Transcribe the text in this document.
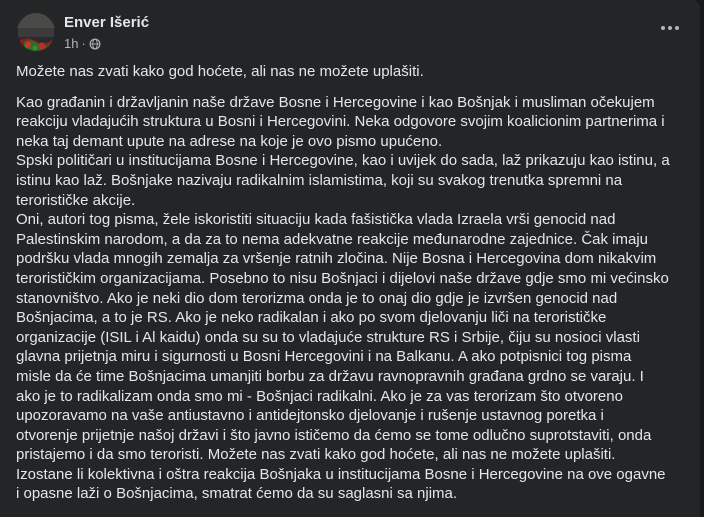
Enver Išerić
1h ·

Možete nas zvati kako god hoćete, ali nas ne možete uplašiti.

Kao građanin i državljanin naše države Bosne i Hercegovine i kao Bošnjak i musliman očekujem
reakciju vladajućih struktura u Bosni i Hercegovini. Neka odgovore svojim koalicionim partnerima i
neka taj demant upute na adrese na koje je ovo pismo upućeno.
Spski političari u institucijama Bosne i Hercegovine, kao i uvijek do sada, laž prikazuju kao istinu, a
istinu kao laž. Bošnjake nazivaju radikalnim islamistima, koji su svakog trenutka spremni na
terorističke akcije.
Oni, autori tog pisma, žele iskoristiti situaciju kada fašistička vlada Izraela vrši genocid nad
Palestinskim narodom, a da za to nema adekvatne reakcije međunarodne zajednice. Čak imaju
podršku vlada mnogih zemalja za vršenje ratnih zločina. Nije Bosna i Hercegovina dom nikakvim
terorističkim organizacijama. Posebno to nisu Bošnjaci i dijelovi naše države gdje smo mi većinsko
stanovništvo. Ako je neki dio dom terorizma onda je to onaj dio gdje je izvršen genocid nad
Bošnjacima, a to je RS. Ako je neko radikalan i ako po svom djelovanju liči na terorističke
organizacije (ISIL i Al kaidu) onda su su to vladajuće strukture RS i Srbije, čiju su nosioci vlasti
glavna prijetnja miru i sigurnosti u Bosni Hercegovini i na Balkanu. A ako potpisnici tog pisma
misle da će time Bošnjacima umanjiti borbu za državu ravnopravnih građana grdno se varaju. I
ako je to radikalizam onda smo mi - Bošnjaci radikalni. Ako je za vas terorizam što otvoreno
upozoravamo na vaše antiustavno i antidejtonsko djelovanje i rušenje ustavnog poretka i
otvorenje prijetnje našoj državi i što javno ističemo da ćemo se tome odlučno suprotstaviti, onda
pristajemo i da smo teroristi. Možete nas zvati kako god hoćete, ali nas ne možete uplašiti.
Izostane li kolektivna i oštra reakcija Bošnjaka u institucijama Bosne i Hercegovine na ove ogavne
i opasne laži o Bošnjacima, smatrat ćemo da su saglasni sa njima.
